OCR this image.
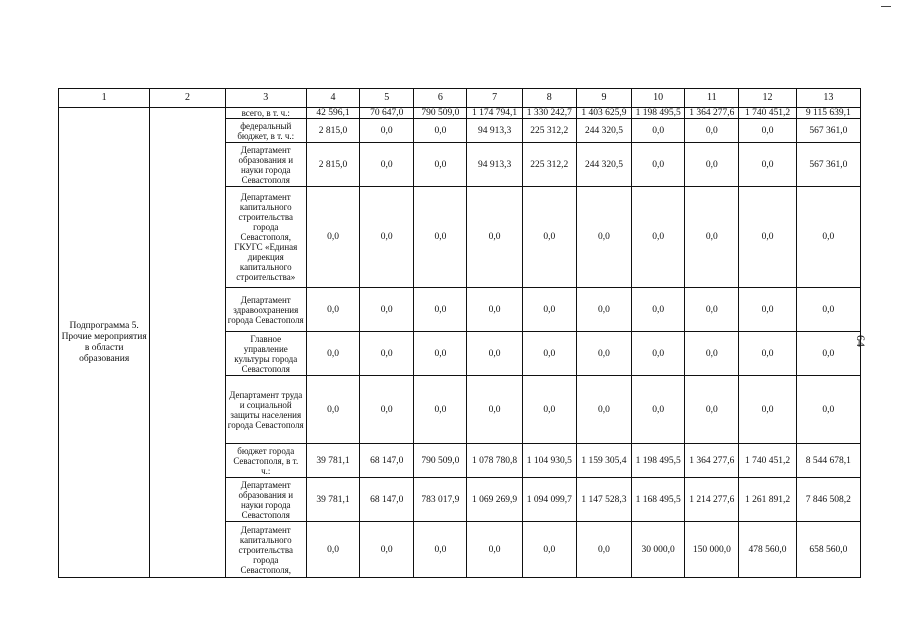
64
1	2	3	4	5	6	7	8	9	10	11	12	13
Подпрограмма 5. Прочие мероприятия в области образования		всего, в т. ч.:	42 596,1	70 647,0	790 509,0	1 174 794,1	1 330 242,7	1 403 625,9	1 198 495,5	1 364 277,6	1 740 451,2	9 115 639,1
		федеральный бюджет, в т. ч.:	2 815,0	0,0	0,0	94 913,3	225 312,2	244 320,5	0,0	0,0	0,0	567 361,0
		Департамент образования и науки города Севастополя	2 815,0	0,0	0,0	94 913,3	225 312,2	244 320,5	0,0	0,0	0,0	567 361,0
		Департамент капитального строительства города Севастополя, ГКУГС «Единая дирекция капитального строительства»	0,0	0,0	0,0	0,0	0,0	0,0	0,0	0,0	0,0	0,0
		Департамент здравоохранения города Севастополя	0,0	0,0	0,0	0,0	0,0	0,0	0,0	0,0	0,0	0,0
		Главное управление культуры города Севастополя	0,0	0,0	0,0	0,0	0,0	0,0	0,0	0,0	0,0	0,0
		Департамент труда и социальной защиты населения города Севастополя	0,0	0,0	0,0	0,0	0,0	0,0	0,0	0,0	0,0	0,0
		бюджет города Севастополя, в т. ч.:	39 781,1	68 147,0	790 509,0	1 078 780,8	1 104 930,5	1 159 305,4	1 198 495,5	1 364 277,6	1 740 451,2	8 544 678,1
		Департамент образования и науки города Севастополя	39 781,1	68 147,0	783 017,9	1 069 269,9	1 094 099,7	1 147 528,3	1 168 495,5	1 214 277,6	1 261 891,2	7 846 508,2
		Департамент капитального строительства города Севастополя,	0,0	0,0	0,0	0,0	0,0	0,0	30 000,0	150 000,0	478 560,0	658 560,0
